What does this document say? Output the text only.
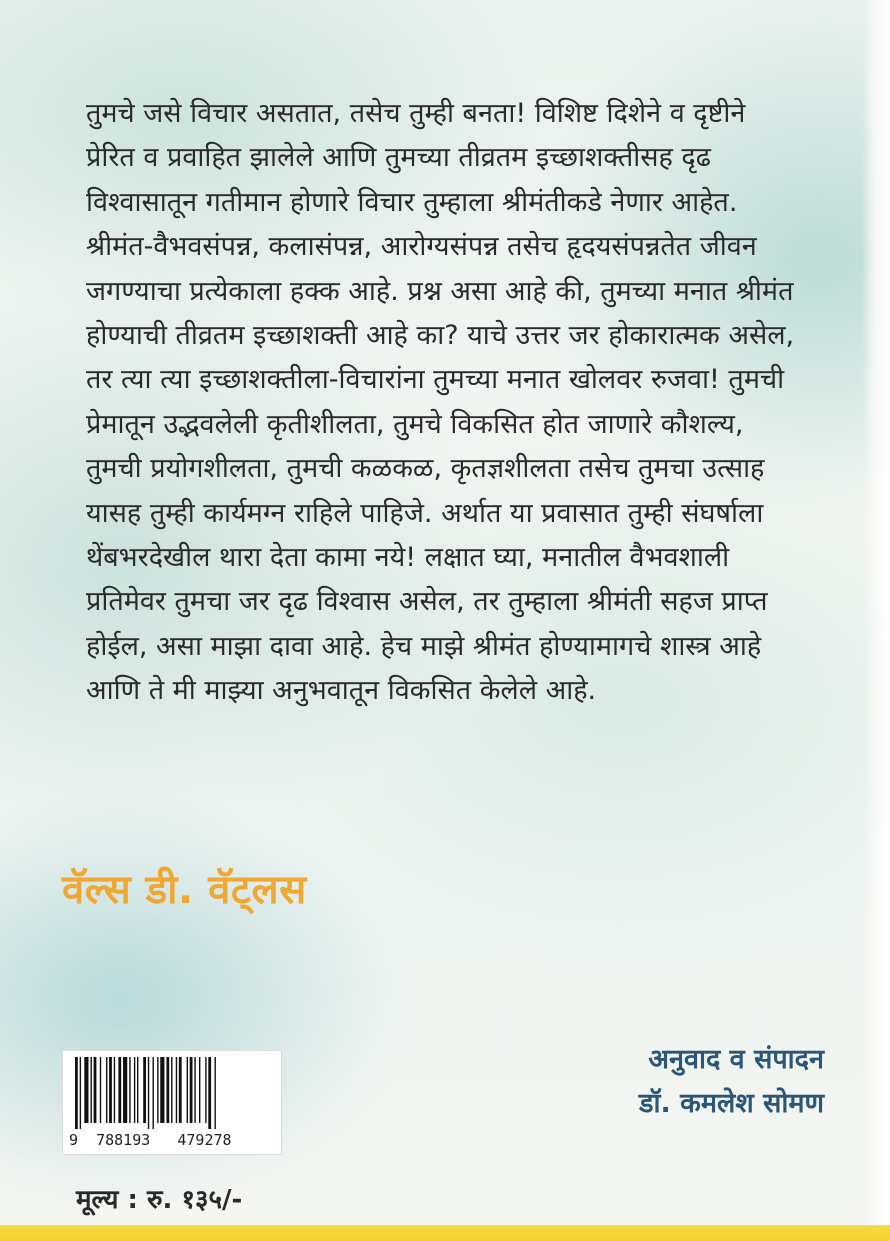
तुमचे जसे विचार असतात, तसेच तुम्ही बनता! विशिष्ट दिशेने व दृष्टीने
प्रेरित व प्रवाहित झालेले आणि तुमच्या तीव्रतम इच्छाशक्तीसह दृढ
विश्वासातून गतीमान होणारे विचार तुम्हाला श्रीमंतीकडे नेणार आहेत.
श्रीमंत-वैभवसंपन्न, कलासंपन्न, आरोग्यसंपन्न तसेच हृदयसंपन्नतेत जीवन
जगण्याचा प्रत्येकाला हक्क आहे. प्रश्न असा आहे की, तुमच्या मनात श्रीमंत
होण्याची तीव्रतम इच्छाशक्ती आहे का? याचे उत्तर जर होकारात्मक असेल,
तर त्या त्या इच्छाशक्तीला-विचारांना तुमच्या मनात खोलवर रुजवा! तुमची
प्रेमातून उद्भवलेली कृतीशीलता, तुमचे विकसित होत जाणारे कौशल्य,
तुमची प्रयोगशीलता, तुमची कळकळ, कृतज्ञशीलता तसेच तुमचा उत्साह
यासह तुम्ही कार्यमग्न राहिले पाहिजे. अर्थात या प्रवासात तुम्ही संघर्षाला
थेंबभरदेखील थारा देता कामा नये! लक्षात घ्या, मनातील वैभवशाली
प्रतिमेवर तुमचा जर दृढ विश्वास असेल, तर तुम्हाला श्रीमंती सहज प्राप्त
होईल, असा माझा दावा आहे. हेच माझे श्रीमंत होण्यामागचे शास्त्र आहे
आणि ते मी माझ्या अनुभवातून विकसित केलेले आहे.
वॅल्स डी. वॅट्लस
अनुवाद व संपादन
डॉ. कमलेश सोमण
9 788193 479278
मूल्य : रु. १३५/-
